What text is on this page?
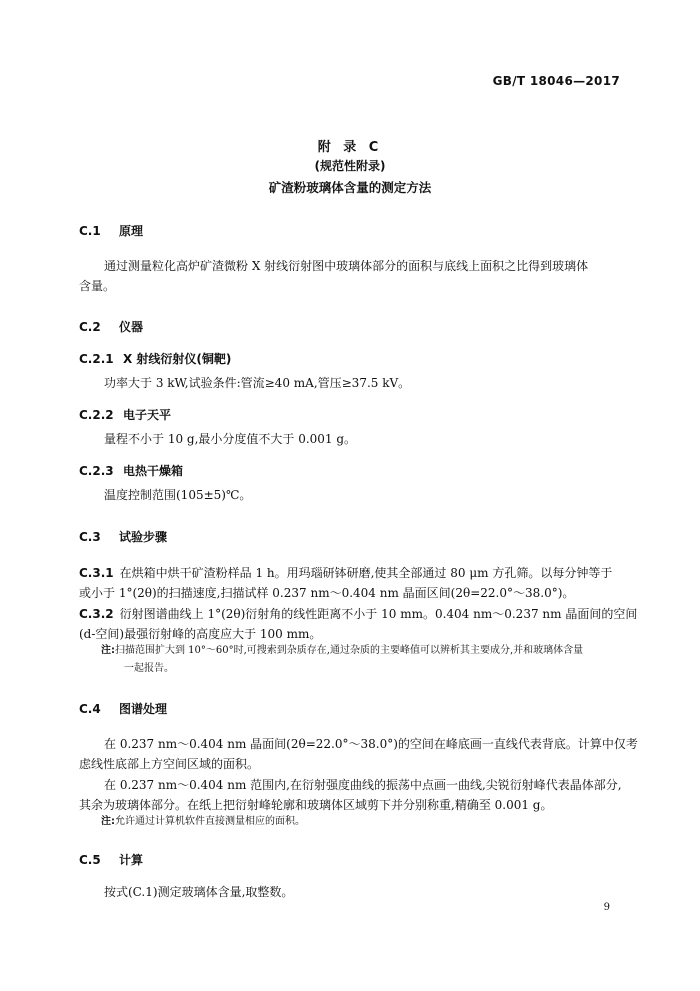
GB/T 18046—2017
附 录 C
(规范性附录)
矿渣粉玻璃体含量的测定方法
C.1 原理
通过测量粒化高炉矿渣微粉 X 射线衍射图中玻璃体部分的面积与底线上面积之比得到玻璃体
含量。
C.2 仪器
C.2.1 X 射线衍射仪(铜靶)
功率大于 3 kW,试验条件:管流≥40 mA,管压≥37.5 kV。
C.2.2 电子天平
量程不小于 10 g,最小分度值不大于 0.001 g。
C.2.3 电热干燥箱
温度控制范围(105±5)℃。
C.3 试验步骤
C.3.1 在烘箱中烘干矿渣粉样品 1 h。用玛瑙研钵研磨,使其全部通过 80 μm 方孔筛。以每分钟等于
或小于 1°(2θ)的扫描速度,扫描试样 0.237 nm～0.404 nm 晶面区间(2θ=22.0°～38.0°)。
C.3.2 衍射图谱曲线上 1°(2θ)衍射角的线性距离不小于 10 mm。0.404 nm～0.237 nm 晶面间的空间
(d-空间)最强衍射峰的高度应大于 100 mm。
注:扫描范围扩大到 10°～60°时,可搜索到杂质存在,通过杂质的主要峰值可以辨析其主要成分,并和玻璃体含量
一起报告。
C.4 图谱处理
在 0.237 nm～0.404 nm 晶面间(2θ=22.0°～38.0°)的空间在峰底画一直线代表背底。计算中仅考
虑线性底部上方空间区域的面积。
在 0.237 nm～0.404 nm 范围内,在衍射强度曲线的振荡中点画一曲线,尖锐衍射峰代表晶体部分,
其余为玻璃体部分。在纸上把衍射峰轮廓和玻璃体区域剪下并分别称重,精确至 0.001 g。
注:允许通过计算机软件直接测量相应的面积。
C.5 计算
按式(C.1)测定玻璃体含量,取整数。
9
